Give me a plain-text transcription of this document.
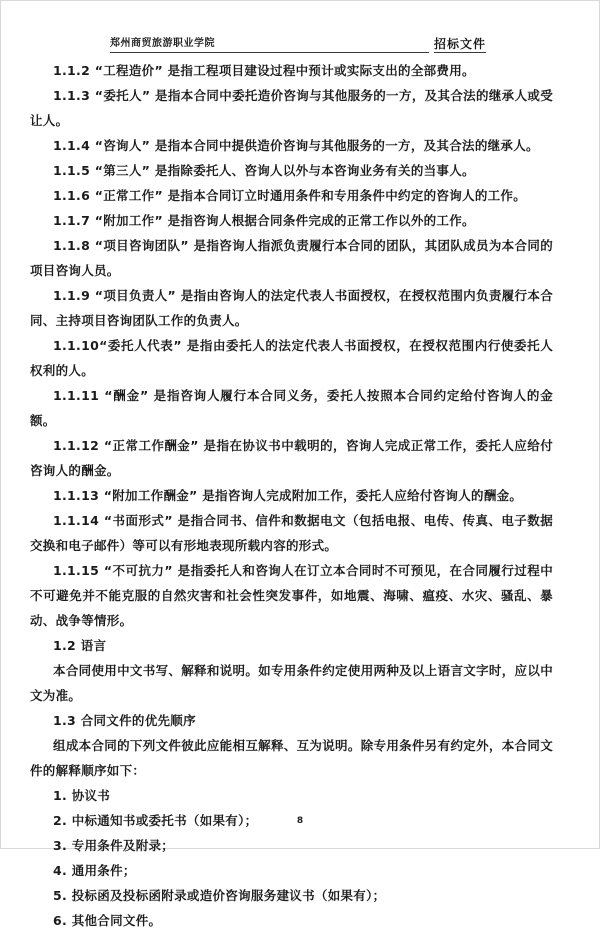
郑州商贸旅游职业学院	招标文件

1.1.2 “工程造价” 是指工程项目建设过程中预计或实际支出的全部费用。

1.1.3 “委托人” 是指本合同中委托造价咨询与其他服务的一方，及其合法的继承人或受让人。

1.1.4 “咨询人” 是指本合同中提供造价咨询与其他服务的一方，及其合法的继承人。

1.1.5 “第三人” 是指除委托人、咨询人以外与本咨询业务有关的当事人。

1.1.6 “正常工作” 是指本合同订立时通用条件和专用条件中约定的咨询人的工作。

1.1.7 “附加工作” 是指咨询人根据合同条件完成的正常工作以外的工作。

1.1.8 “项目咨询团队” 是指咨询人指派负责履行本合同的团队，其团队成员为本合同的项目咨询人员。

1.1.9 “项目负责人” 是指由咨询人的法定代表人书面授权，在授权范围内负责履行本合同、主持项目咨询团队工作的负责人。

1.1.10“委托人代表” 是指由委托人的法定代表人书面授权，在授权范围内行使委托人权利的人。

1.1.11 “酬金” 是指咨询人履行本合同义务，委托人按照本合同约定给付咨询人的金额。

1.1.12 “正常工作酬金” 是指在协议书中载明的，咨询人完成正常工作，委托人应给付咨询人的酬金。

1.1.13 “附加工作酬金” 是指咨询人完成附加工作，委托人应给付咨询人的酬金。

1.1.14 “书面形式” 是指合同书、信件和数据电文（包括电报、电传、传真、电子数据交换和电子邮件）等可以有形地表现所载内容的形式。

1.1.15 “不可抗力” 是指委托人和咨询人在订立本合同时不可预见，在合同履行过程中不可避免并不能克服的自然灾害和社会性突发事件，如地震、海啸、瘟疫、水灾、骚乱、暴动、战争等情形。

1.2 语言

本合同使用中文书写、解释和说明。如专用条件约定使用两种及以上语言文字时，应以中文为准。

1.3 合同文件的优先顺序

组成本合同的下列文件彼此应能相互解释、互为说明。除专用条件另有约定外，本合同文件的解释顺序如下：

1. 协议书

2. 中标通知书或委托书（如果有）；

3. 专用条件及附录；

4. 通用条件；

5. 投标函及投标函附录或造价咨询服务建议书（如果有）；

6. 其他合同文件。

8
